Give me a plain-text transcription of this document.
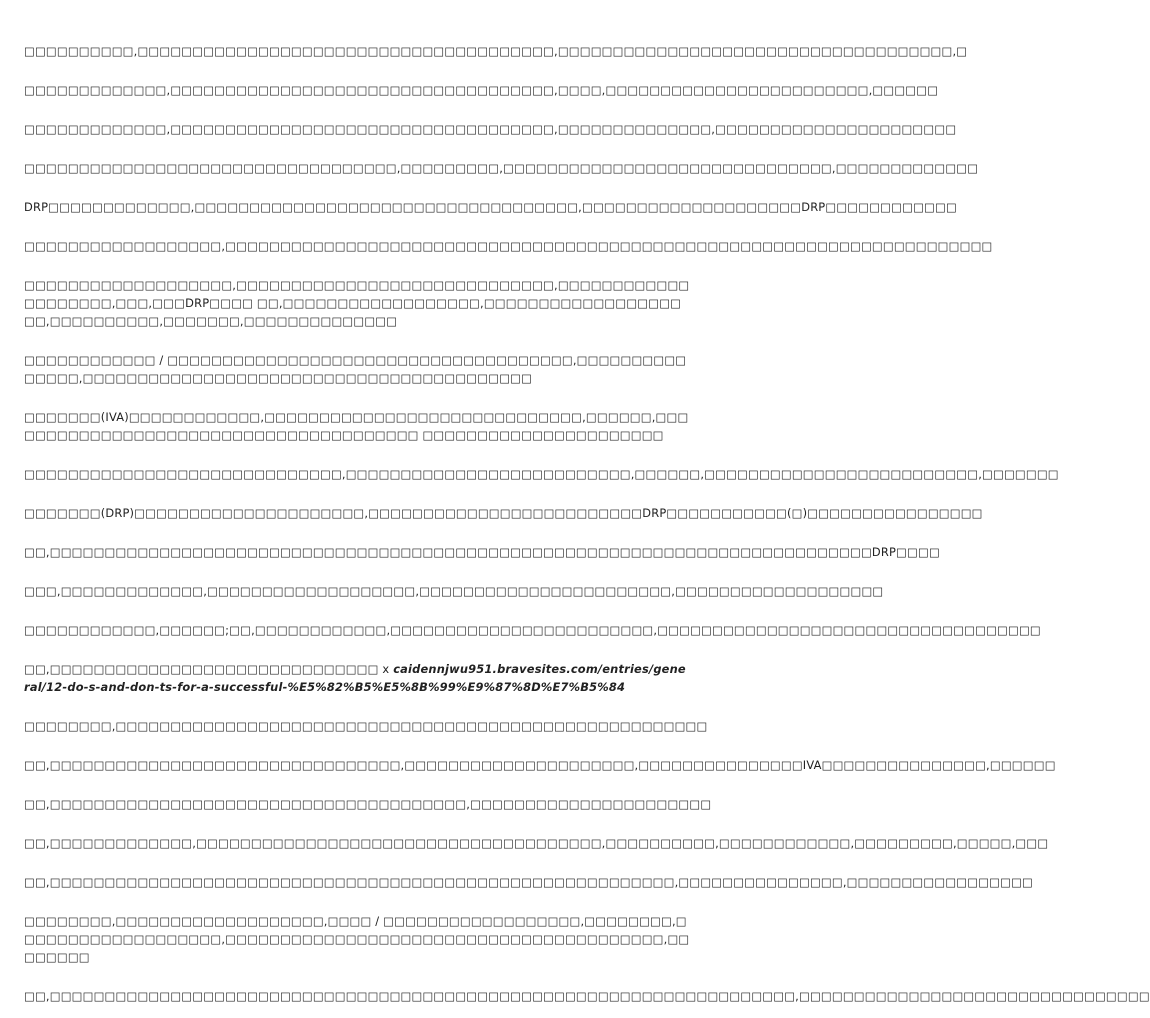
□□□□□□□□□□,□□□□□□□□□□□□□□□□□□□□□□□□□□□□□□□□□□□□□□,□□□□□□□□□□□□□□□□□□□□□□□□□□□□□□□□□□□□,□

□□□□□□□□□□□□□,□□□□□□□□□□□□□□□□□□□□□□□□□□□□□□□□□□□,□□□□,□□□□□□□□□□□□□□□□□□□□□□□□,□□□□□□

□□□□□□□□□□□□□,□□□□□□□□□□□□□□□□□□□□□□□□□□□□□□□□□□□,□□□□□□□□□□□□□□,□□□□□□□□□□□□□□□□□□□□□□

□□□□□□□□□□□□□□□□□□□□□□□□□□□□□□□□□□,□□□□□□□□□,□□□□□□□□□□□□□□□□□□□□□□□□□□□□□□,□□□□□□□□□□□□□

DRP□□□□□□□□□□□□□,□□□□□□□□□□□□□□□□□□□□□□□□□□□□□□□□□□□,□□□□□□□□□□□□□□□□□□□□DRP□□□□□□□□□□□□

□□□□□□□□□□□□□□□□□□,□□□□□□□□□□□□□□□□□□□□□□□□□□□□□□□□□□□□□□□□□□□□□□□□□□□□□□□□□□□□□□□□□□□□□□

□□□□□□□□□□□□□□□□□□□,□□□□□□□□□□□□□□□□□□□□□□□□□□□□□,□□□□□□□□□□□□□□□□□□□□,□□□,□□□DRP□□□□ □□,□□□□□□□□□□□□□□□□□□,□□□□□□□□□□□□□□□□□□□□,□□□□□□□□□□,□□□□□□□,□□□□□□□□□□□□□□

□□□□□□□□□□□□ / □□□□□□□□□□□□□□□□□□□□□□□□□□□□□□□□□□□□□,□□□□□□□□□□□□□□□,□□□□□□□□□□□□□□□□□□□□□□□□□□□□□□□□□□□□□□□□□

□□□□□□□(IVA)□□□□□□□□□□□□,□□□□□□□□□□□□□□□□□□□□□□□□□□□□□,□□□□□□,□□□□□□□□□□□□□□□□□□□□□□□□□□□□□□□□□□□□□□□ □□□□□□□□□□□□□□□□□□□□□□

□□□□□□□□□□□□□□□□□□□□□□□□□□□□□,□□□□□□□□□□□□□□□□□□□□□□□□□□,□□□□□□,□□□□□□□□□□□□□□□□□□□□□□□□□,□□□□□□□

□□□□□□□(DRP)□□□□□□□□□□□□□□□□□□□□□,□□□□□□□□□□□□□□□□□□□□□□□□□DRP□□□□□□□□□□□(□)□□□□□□□□□□□□□□□□

□□,□□□□□□□□□□□□□□□□□□□□□□□□□□□□□□□□□□□□□□□□□□□□□□□□□□□□□□□□□□□□□□□□□□□□□□□□□□□DRP□□□□

□□□,□□□□□□□□□□□□□,□□□□□□□□□□□□□□□□□□□,□□□□□□□□□□□□□□□□□□□□□□□,□□□□□□□□□□□□□□□□□□□

□□□□□□□□□□□□,□□□□□□;□□,□□□□□□□□□□□□,□□□□□□□□□□□□□□□□□□□□□□□□,□□□□□□□□□□□□□□□□□□□□□□□□□□□□□□□□□□□

□□,□□□□□□□□□□□□□□□□□□□□□□□□□□□□□□ x caidennjwu951.bravesites.com/entries/general/12-do-s-and-don-ts-for-a-successful-%E5%82%B5%E5%8B%99%E9%87%8D%E7%B5%84

□□□□□□□□,□□□□□□□□□□□□□□□□□□□□□□□□□□□□□□□□□□□□□□□□□□□□□□□□□□□□□□

□□,□□□□□□□□□□□□□□□□□□□□□□□□□□□□□□□□,□□□□□□□□□□□□□□□□□□□□□,□□□□□□□□□□□□□□□IVA□□□□□□□□□□□□□□□,□□□□□□

□□,□□□□□□□□□□□□□□□□□□□□□□□□□□□□□□□□□□□□□□,□□□□□□□□□□□□□□□□□□□□□□

□□,□□□□□□□□□□□□□,□□□□□□□□□□□□□□□□□□□□□□□□□□□□□□□□□□□□□,□□□□□□□□□□,□□□□□□□□□□□□,□□□□□□□□□,□□□□□,□□□

□□,□□□□□□□□□□□□□□□□□□□□□□□□□□□□□□□□□□□□□□□□□□□□□□□□□□□□□□□□□,□□□□□□□□□□□□□□□,□□□□□□□□□□□□□□□□□

□□□□□□□□,□□□□□□□□□□□□□□□□□□□,□□□□ / □□□□□□□□□□□□□□□□□□,□□□□□□□□,□□□□□□□□□□□□□□□□□□□,□□□□□□□□□□□□□□□□□□□□□□□□□□□□□□□□□□□□□□□□,□□□□□□□□

□□,□□□□□□□□□□□□□□□□□□□□□□□□□□□□□□□□□□□□□□□□□□□□□□□□□□□□□□□□□□□□□□□□□□□□,□□□□□□□□□□□□□□□□□□□□□□□□□□□□□□□□
